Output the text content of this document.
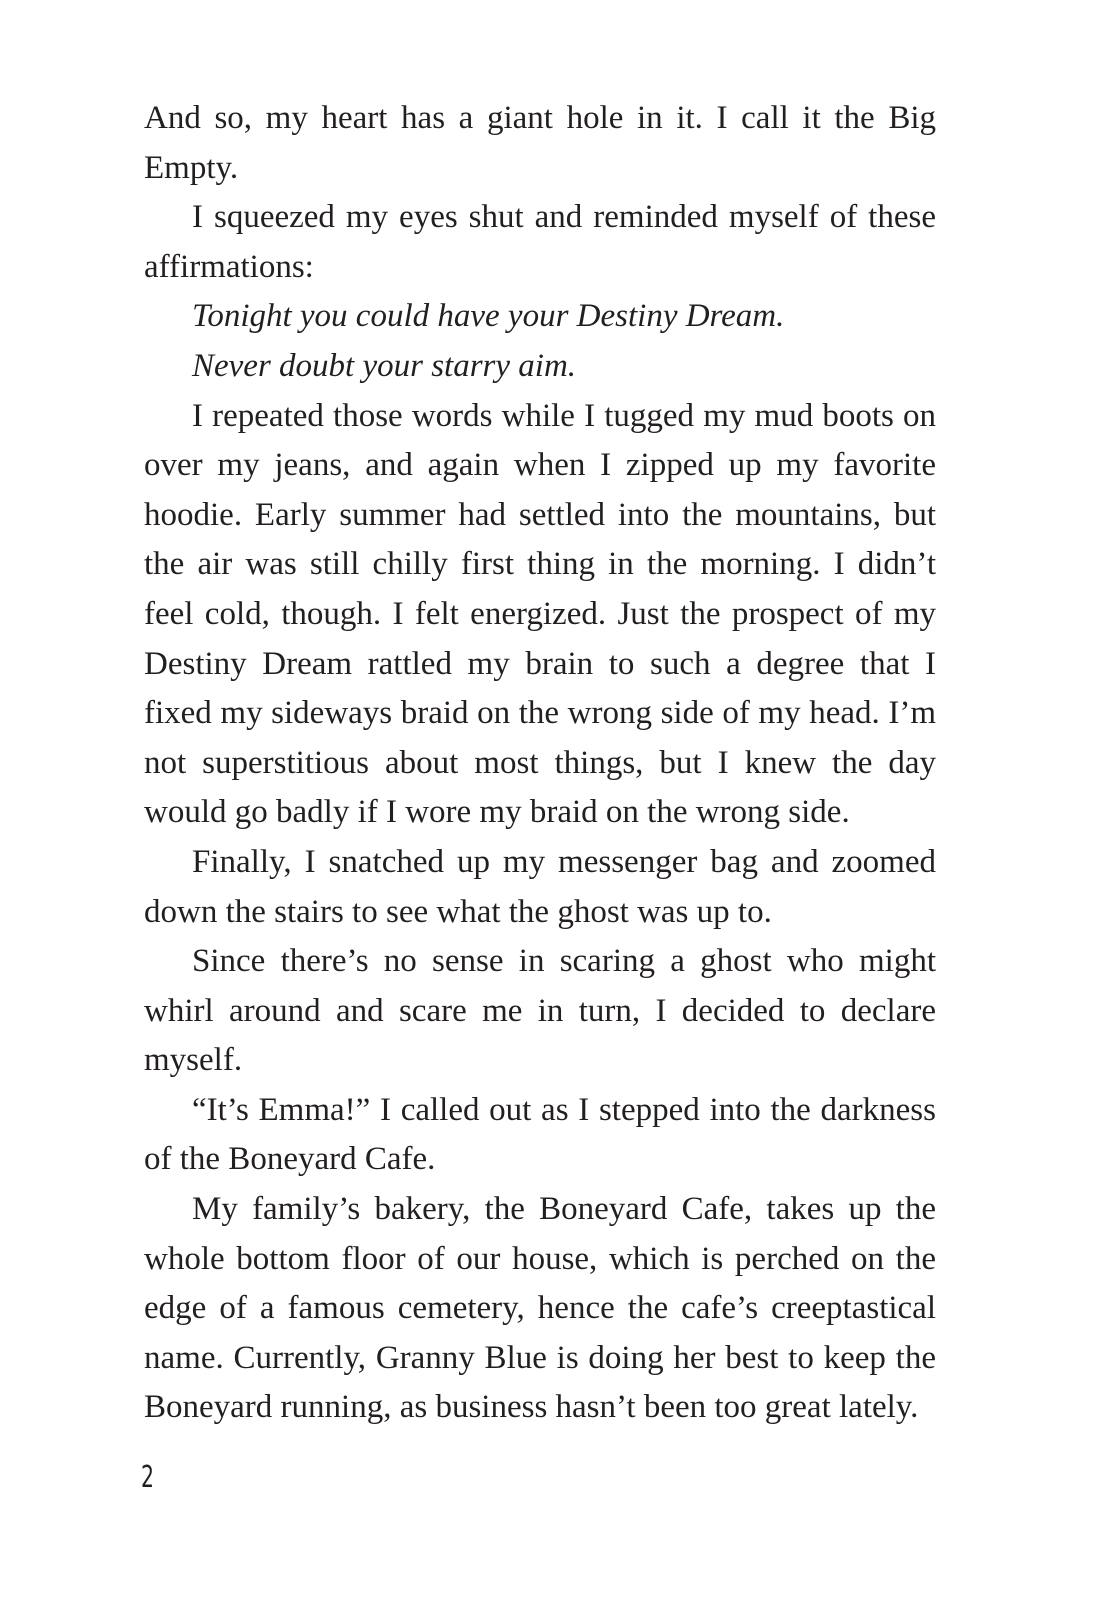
And so, my heart has a giant hole in it. I call it the Big Empty.

I squeezed my eyes shut and reminded myself of these affirmations:

Tonight you could have your Destiny Dream.

Never doubt your starry aim.

I repeated those words while I tugged my mud boots on over my jeans, and again when I zipped up my favorite hoodie. Early summer had settled into the mountains, but the air was still chilly first thing in the morning. I didn’t feel cold, though. I felt energized. Just the prospect of my Destiny Dream rattled my brain to such a degree that I fixed my sideways braid on the wrong side of my head. I’m not superstitious about most things, but I knew the day would go badly if I wore my braid on the wrong side.

Finally, I snatched up my messenger bag and zoomed down the stairs to see what the ghost was up to.

Since there’s no sense in scaring a ghost who might whirl around and scare me in turn, I decided to declare myself.

“It’s Emma!” I called out as I stepped into the darkness of the Boneyard Cafe.

My family’s bakery, the Boneyard Cafe, takes up the whole bottom floor of our house, which is perched on the edge of a famous cemetery, hence the cafe’s creeptastical name. Currently, Granny Blue is doing her best to keep the Boneyard running, as business hasn’t been too great lately.

2
